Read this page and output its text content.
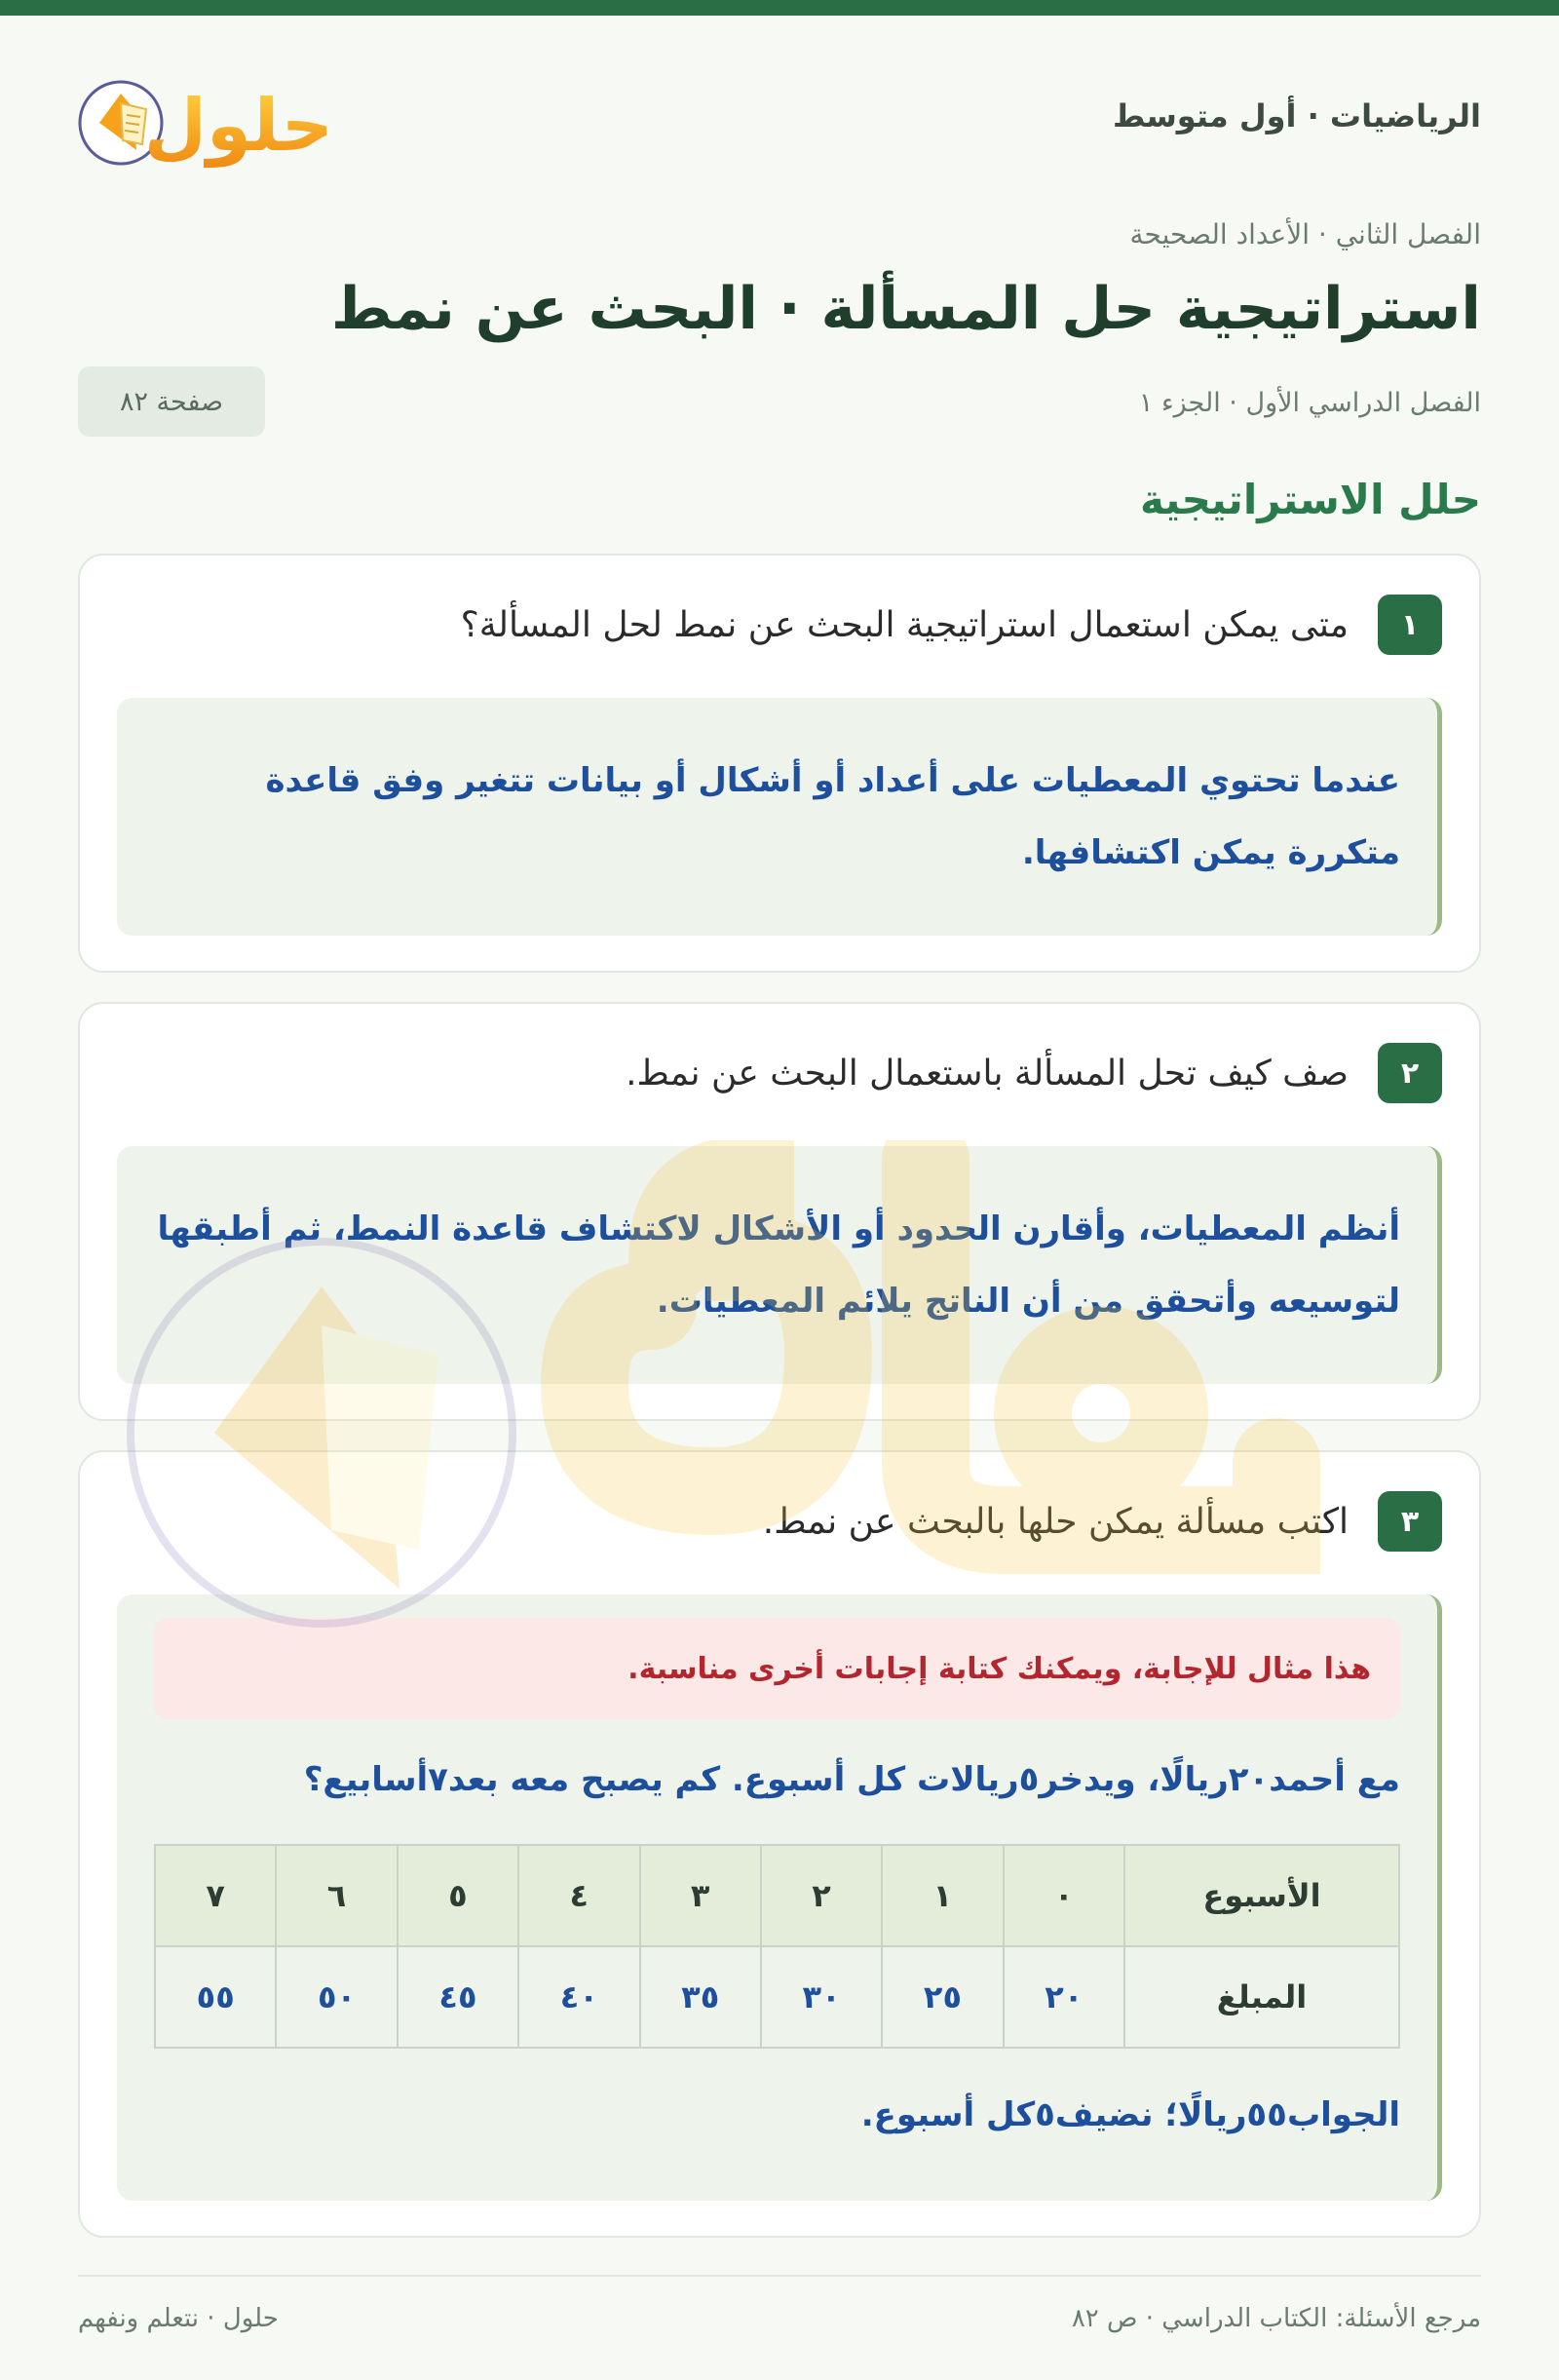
الرياضيات · أول متوسط
حلول
الفصل الثاني · الأعداد الصحيحة
استراتيجية حل المسألة · البحث عن نمط
الفصل الدراسي الأول · الجزء ١
صفحة ٨٢
حلل الاستراتيجية
١
متى يمكن استعمال استراتيجية البحث عن نمط لحل المسألة؟
عندما تحتوي المعطيات على أعداد أو أشكال أو بيانات تتغير وفق قاعدة
متكررة يمكن اكتشافها.
٢
صف كيف تحل المسألة باستعمال البحث عن نمط.
أنظم المعطيات، وأقارن الحدود أو الأشكال لاكتشاف قاعدة النمط، ثم أطبقها
لتوسيعه وأتحقق من أن الناتج يلائم المعطيات.
٣
اكتب مسألة يمكن حلها بالبحث عن نمط.
هذا مثال للإجابة، ويمكنك كتابة إجابات أخرى مناسبة.
مع أحمد٢٠ريالًا، ويدخر٥ريالات كل أسبوع. كم يصبح معه بعد٧أسابيع؟
الأسبوع	٠	١	٢	٣	٤	٥	٦	٧
المبلغ	٢٠	٢٥	٣٠	٣٥	٤٠	٤٥	٥٠	٥٥
الجواب٥٥ريالًا؛ نضيف٥كل أسبوع.
مرجع الأسئلة: الكتاب الدراسي · ص ٨٢
حلول · نتعلم ونفهم
